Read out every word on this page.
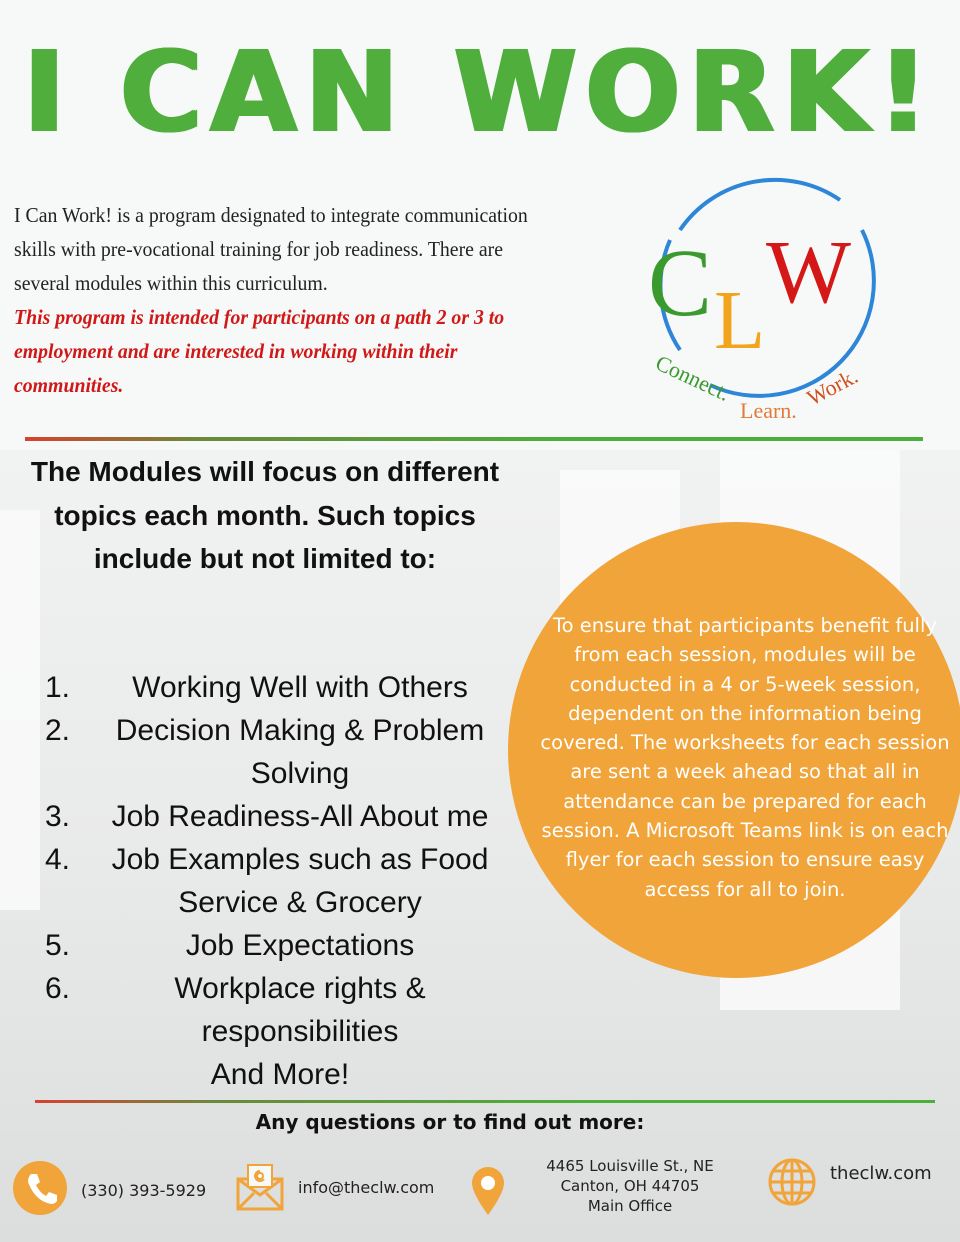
I CAN WORK!
I Can Work! is a program designated to integrate communication skills with pre-vocational training for job readiness. There are several modules within this curriculum.
This program is intended for participants on a path 2 or 3 to employment and are interested in working within their communities.
C L W
Connect.
Learn.
Work.
The Modules will focus on different topics each month. Such topics include but not limited to:
1.	Working Well with Others
2.	Decision Making & Problem Solving
3.	Job Readiness-All About me
4.	Job Examples such as Food Service & Grocery
5.	Job Expectations
6.	Workplace rights & responsibilities
And More!
To ensure that participants benefit fully from each session, modules will be conducted in a 4 or 5-week session, dependent on the information being covered. The worksheets for each session are sent a week ahead so that all in attendance can be prepared for each session. A Microsoft Teams link is on each flyer for each session to ensure easy access for all to join.
Any questions or to find out more:
(330) 393-5929	info@theclw.com
4465 Louisville St., NE
Canton, OH 44705
Main Office
theclw.com
